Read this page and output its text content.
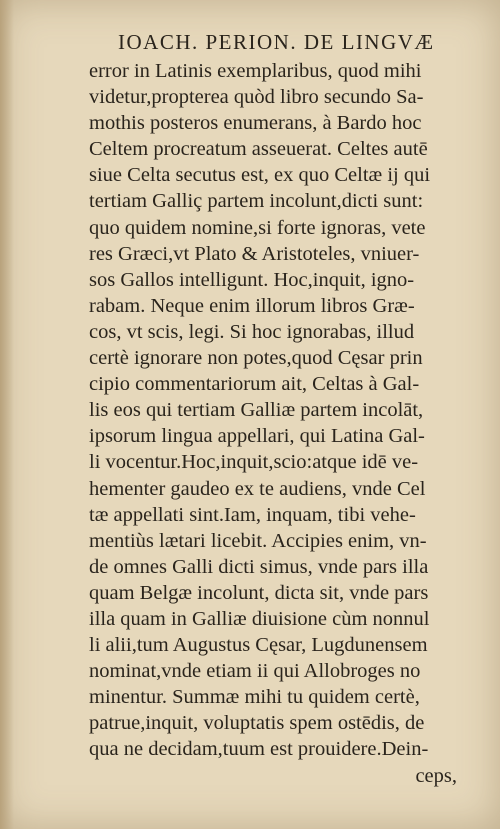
IOACH. PERION. DE LINGVÆ
error in Latinis exemplaribus, quod mihi
videtur,propterea quòd libro secundo Sa-
mothis posteros enumerans, à Bardo hoc
Celtem procreatum asseuerat. Celtes autē
siue Celta secutus est, ex quo Celtæ ij qui
tertiam Galliç partem incolunt,dicti sunt:
quo quidem nomine,si forte ignoras, vete
res Græci,vt Plato & Aristoteles, vniuer-
sos Gallos intelligunt. Hoc,inquit, igno-
rabam. Neque enim illorum libros Græ-
cos, vt scis, legi. Si hoc ignorabas, illud
certè ignorare non potes,quod Cęsar prin
cipio commentariorum ait, Celtas à Gal-
lis eos qui tertiam Galliæ partem incolāt,
ipsorum lingua appellari, qui Latina Gal-
li vocentur.Hoc,inquit,scio:atque idē ve-
hementer gaudeo ex te audiens, vnde Cel
tæ appellati sint.Iam, inquam, tibi vehe-
mentiùs lætari licebit. Accipies enim, vn-
de omnes Galli dicti simus, vnde pars illa
quam Belgæ incolunt, dicta sit, vnde pars
illa quam in Galliæ diuisione cùm nonnul
li alii,tum Augustus Cęsar, Lugdunensem
nominat,vnde etiam ii qui Allobroges no
minentur. Summæ mihi tu quidem certè,
patrue,inquit, voluptatis spem ostēdis, de
qua ne decidam,tuum est prouidere.Dein-
ceps,
